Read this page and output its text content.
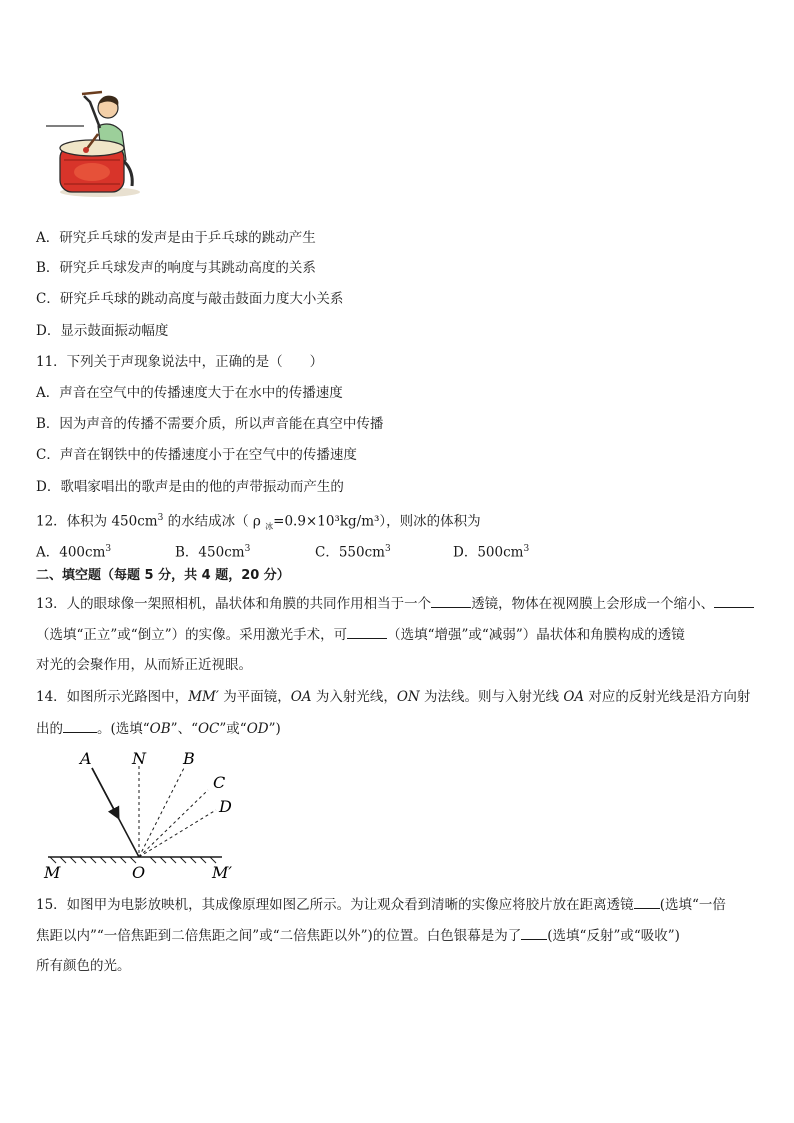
A．研究乒乓球的发声是由于乒乓球的跳动产生
B．研究乒乓球发声的响度与其跳动高度的关系
C．研究乒乓球的跳动高度与敲击鼓面力度大小关系
D．显示鼓面振动幅度
11．下列关于声现象说法中，正确的是（　　）
A．声音在空气中的传播速度大于在水中的传播速度
B．因为声音的传播不需要介质，所以声音能在真空中传播
C．声音在钢铁中的传播速度小于在空气中的传播速度
D．歌唱家唱出的歌声是由的他的声带振动而产生的
12．体积为 $450cm^3$ 的水结成冰（ ρ $_冰$=0.9×10³kg/m³），则冰的体积为
A．$400cm^3$	B．$450cm^3$	C．$550cm^3$	D．$500cm^3$
二、填空题（每题 5 分，共 4 题，20 分）
13．人的眼球像一架照相机，晶状体和角膜的共同作用相当于一个	透镜，物体在视网膜上会形成一个缩小、
（选填“正立”或“倒立”）的实像。采用激光手术，可	（选填“增强”或“减弱”）晶状体和角膜构成的透镜
对光的会聚作用，从而矫正近视眼。
14．如图所示光路图中，MM′ 为平面镜，OA 为入射光线，ON 为法线。则与入射光线 OA 对应的反射光线是沿方向射
出的	。(选填“OB”、“OC”或“OD”)
A	N B
C
D
M	O	M′
15．如图甲为电影放映机，其成像原理如图乙所示。为让观众看到清晰的实像应将胶片放在距离透镜 (选填“一倍
焦距以内”“一倍焦距到二倍焦距之间”或“二倍焦距以外”)的位置。白色银幕是为了 (选填“反射”或“吸收”)
所有颜色的光。
